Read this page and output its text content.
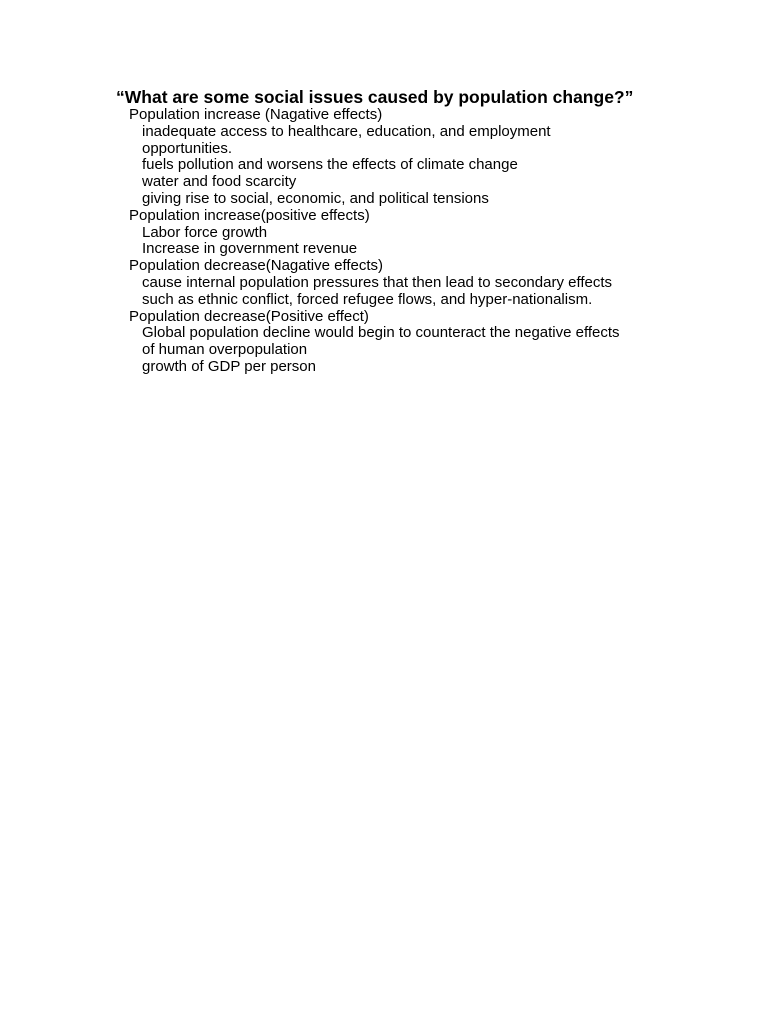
“What are some social issues caused by population change?”
Population increase (Nagative effects)
inadequate access to healthcare, education, and employment
opportunities.
fuels pollution and worsens the effects of climate change
water and food scarcity
giving rise to social, economic, and political tensions
Population increase(positive effects)
Labor force growth
Increase in government revenue
Population decrease(Nagative effects)
cause internal population pressures that then lead to secondary effects
such as ethnic conflict, forced refugee flows, and hyper-nationalism.
Population decrease(Positive effect)
Global population decline would begin to counteract the negative effects
of human overpopulation
growth of GDP per person
